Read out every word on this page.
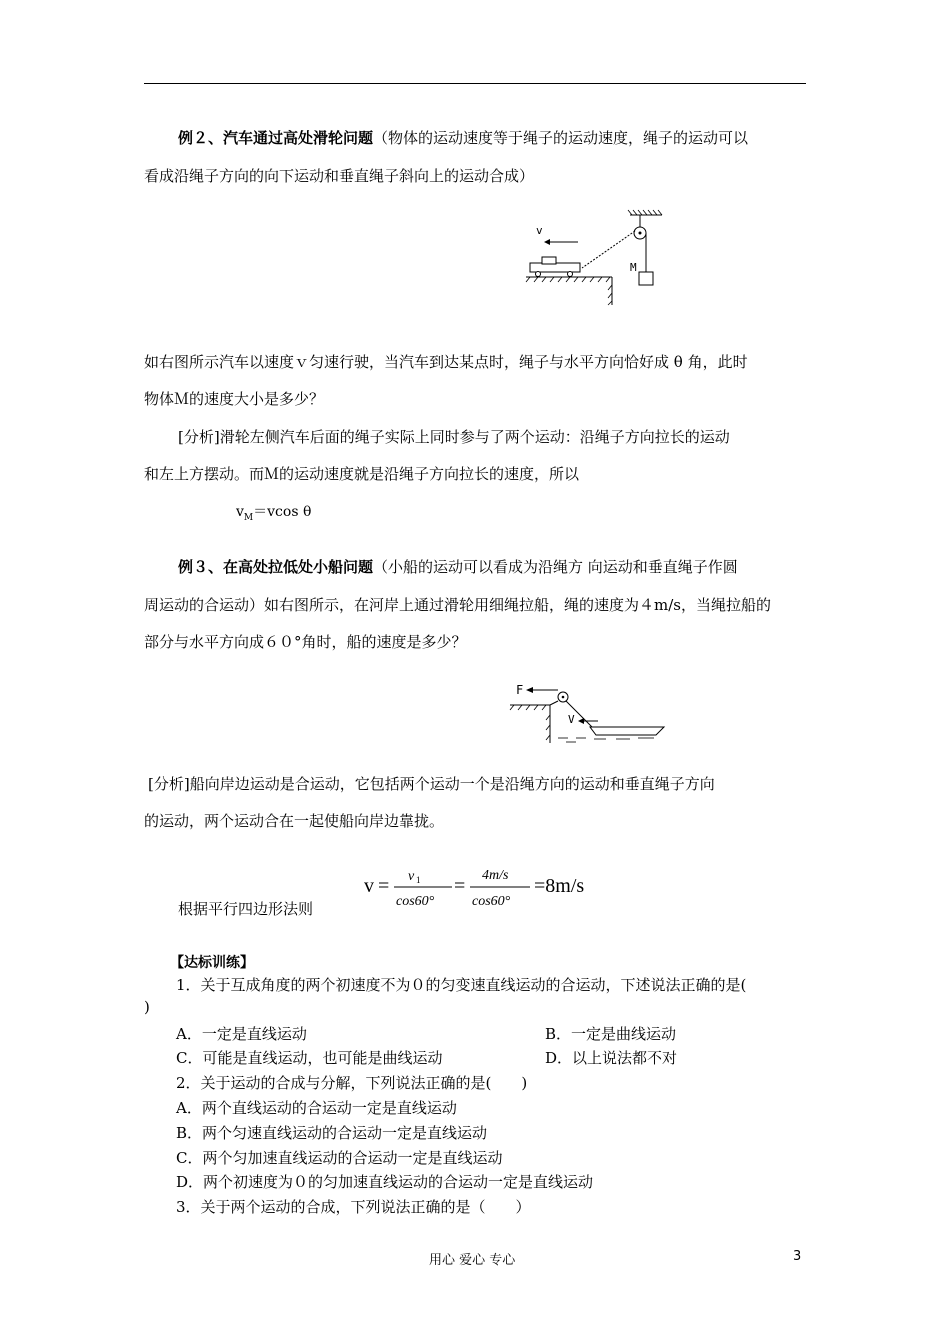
例２、汽车通过高处滑轮问题（物体的运动速度等于绳子的运动速度，绳子的运动可以
看成沿绳子方向的向下运动和垂直绳子斜向上的运动合成）
M
v
如右图所示汽车以速度ｖ匀速行驶，当汽车到达某点时，绳子与水平方向恰好成 θ 角，此时
物体Ｍ的速度大小是多少？
[分析]滑轮左侧汽车后面的绳子实际上同时参与了两个运动：沿绳子方向拉长的运动
和左上方摆动。而Ｍ的运动速度就是沿绳子方向拉长的速度，所以
$v_M=vcos$ θ
例３、在高处拉低处小船问题（小船的运动可以看成为沿绳方 向运动和垂直绳子作圆
周运动的合运动）如右图所示，在河岸上通过滑轮用细绳拉船，绳的速度为４m/s，当绳拉船的
部分与水平方向成６０°角时，船的速度是多少？
F
V
[分析]船向岸边运动是合运动，它包括两个运动一个是沿绳方向的运动和垂直绳子方向
的运动，两个运动合在一起使船向岸边靠拢。
根据平行四边形法则
v = v 1
cos60°
= 4m/s
cos60°
=8m/s
【达标训练】
1．关于互成角度的两个初速度不为０的匀变速直线运动的合运动，下述说法正确的是(
)
A．一定是直线运动	B．一定是曲线运动
C．可能是直线运动，也可能是曲线运动	D．以上说法都不对
2．关于运动的合成与分解，下列说法正确的是(　　)
A．两个直线运动的合运动一定是直线运动
B．两个匀速直线运动的合运动一定是直线运动
C．两个匀加速直线运动的合运动一定是直线运动
D．两个初速度为０的匀加速直线运动的合运动一定是直线运动
3．关于两个运动的合成，下列说法正确的是（　　）
用心 爱心 专心	3
